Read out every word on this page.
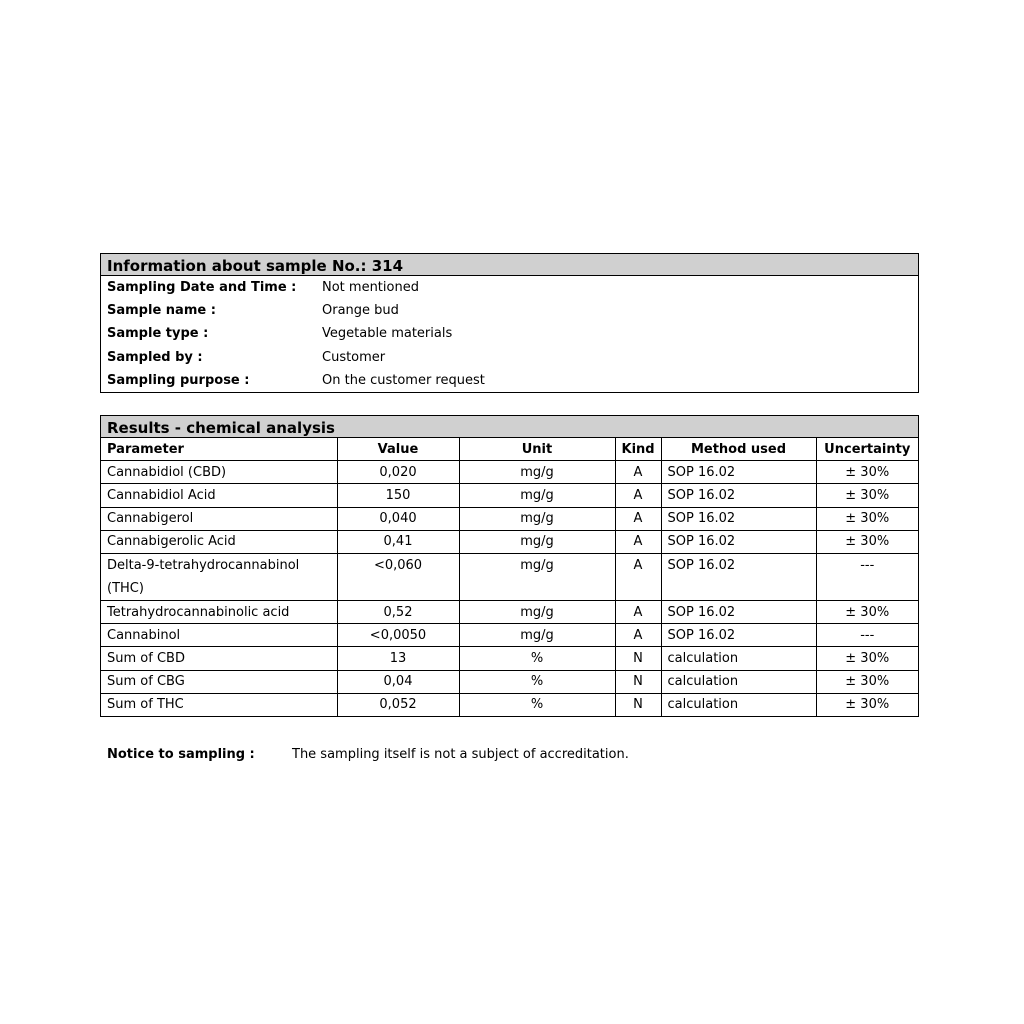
Information about sample No.: 314
Sampling Date and Time : Not mentioned
Sample name :	Orange bud
Sample type :	Vegetable materials
Sampled by :	Customer
Sampling purpose :	On the customer request
Results - chemical analysis
Parameter	Value	Unit	Kind	Method used	Uncertainty
Cannabidiol (CBD)	0,020	mg/g	A	SOP 16.02	± 30%
Cannabidiol Acid	150	mg/g	A	SOP 16.02	± 30%
Cannabigerol	0,040	mg/g	A	SOP 16.02	± 30%
Cannabigerolic Acid	0,41	mg/g	A	SOP 16.02	± 30%
Delta-9-tetrahydrocannabinol (THC)	<0,060	mg/g	A	SOP 16.02	---
Tetrahydrocannabinolic acid	0,52	mg/g	A	SOP 16.02	± 30%
Cannabinol	<0,0050	mg/g	A	SOP 16.02	---
Sum of CBD	13	%	N	calculation	± 30%
Sum of CBG	0,04	%	N	calculation	± 30%
Sum of THC	0,052	%	N	calculation	± 30%
Notice to sampling :	The sampling itself is not a subject of accreditation.
